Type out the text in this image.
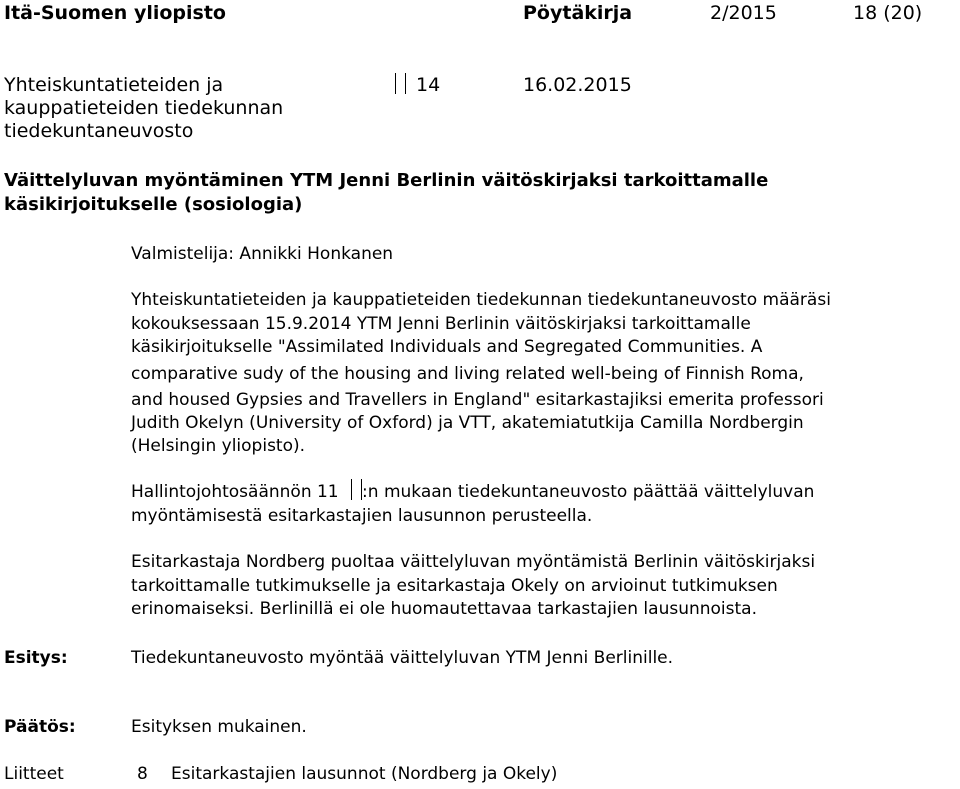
Itä-Suomen yliopisto	Pöytäkirja	2/2015	18 (20)
Yhteiskuntatieteiden ja
kauppatieteiden tiedekunnan
tiedekuntaneuvosto
14	16.02.2015
Väittelyluvan myöntäminen YTM Jenni Berlinin väitöskirjaksi tarkoittamalle
käsikirjoitukselle (sosiologia)
Valmistelija: Annikki Honkanen
Yhteiskuntatieteiden ja kauppatieteiden tiedekunnan tiedekuntaneuvosto määräsi
kokouksessaan 15.9.2014 YTM Jenni Berlinin väitöskirjaksi tarkoittamalle
käsikirjoitukselle "Assimilated Individuals and Segregated Communities. A
comparative sudy of the housing and living related well-being of Finnish Roma,
and housed Gypsies and Travellers in England" esitarkastajiksi emerita professori
Judith Okelyn (University of Oxford) ja VTT, akatemiatutkija Camilla Nordbergin
(Helsingin yliopisto).
Hallintojohtosäännön 11 :n mukaan tiedekuntaneuvosto päättää väittelyluvan
myöntämisestä esitarkastajien lausunnon perusteella.
Esitarkastaja Nordberg puoltaa väittelyluvan myöntämistä Berlinin väitöskirjaksi
tarkoittamalle tutkimukselle ja esitarkastaja Okely on arvioinut tutkimuksen
erinomaiseksi. Berlinillä ei ole huomautettavaa tarkastajien lausunnoista.
Esitys:	Tiedekuntaneuvosto myöntää väittelyluvan YTM Jenni Berlinille.
Päätös:	Esityksen mukainen.
Liitteet	8 Esitarkastajien lausunnot (Nordberg ja Okely)
